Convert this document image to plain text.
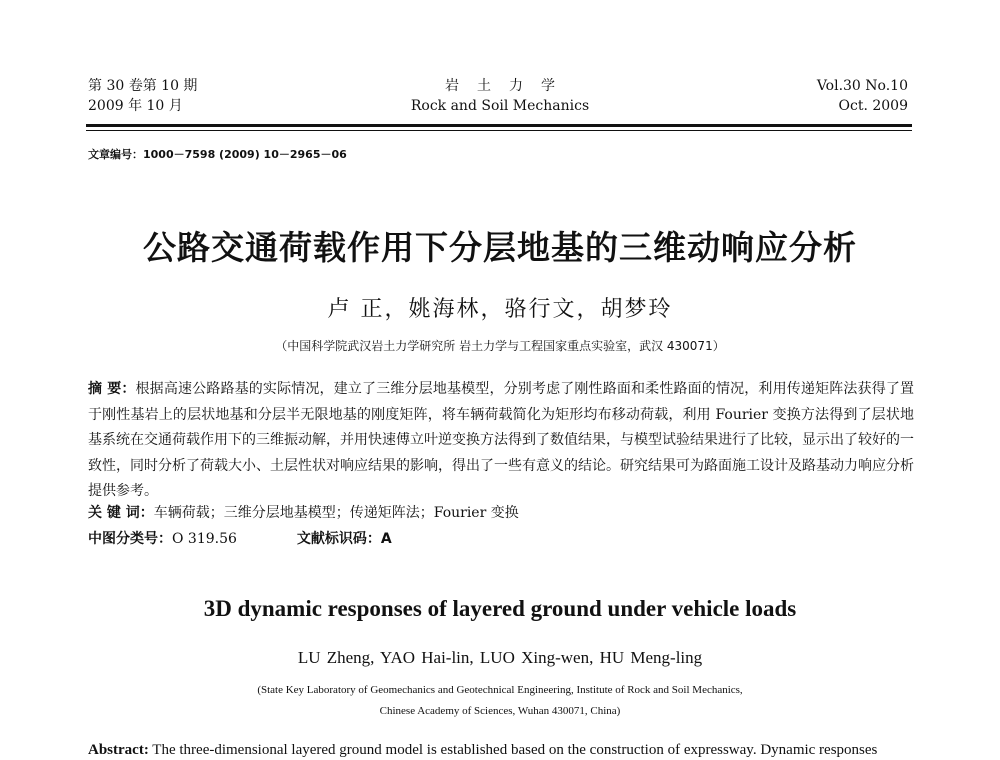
第 30 卷第 10 期
2009 年 10 月
岩土力学
Rock and Soil Mechanics
Vol.30 No.10
Oct. 2009
文章编号：1000－7598 (2009) 10－2965－06
公路交通荷载作用下分层地基的三维动响应分析
卢 正，姚海林，骆行文，胡梦玲
（中国科学院武汉岩土力学研究所 岩土力学与工程国家重点实验室，武汉 430071）
摘 要：根据高速公路路基的实际情况，建立了三维分层地基模型，分别考虑了刚性路面和柔性路面的情况，利用传递矩阵法获得了置于刚性基岩上的层状地基和分层半无限地基的刚度矩阵，将车辆荷载简化为矩形均布移动荷载，利用 Fourier 变换方法得到了层状地基系统在交通荷载作用下的三维振动解，并用快速傅立叶逆变换方法得到了数值结果，与模型试验结果进行了比较，显示出了较好的一致性，同时分析了荷载大小、土层性状对响应结果的影响，得出了一些有意义的结论。研究结果可为路面施工设计及路基动力响应分析提供参考。
关 键 词：车辆荷载；三维分层地基模型；传递矩阵法；Fourier 变换
中图分类号：O 319.56	文献标识码：A
3D dynamic responses of layered ground under vehicle loads
LU Zheng, YAO Hai-lin, LUO Xing-wen, HU Meng-ling
(State Key Laboratory of Geomechanics and Geotechnical Engineering, Institute of Rock and Soil Mechanics,
Chinese Academy of Sciences, Wuhan 430071, China)
Abstract: The three-dimensional layered ground model is established based on the construction of expressway. Dynamic responses
